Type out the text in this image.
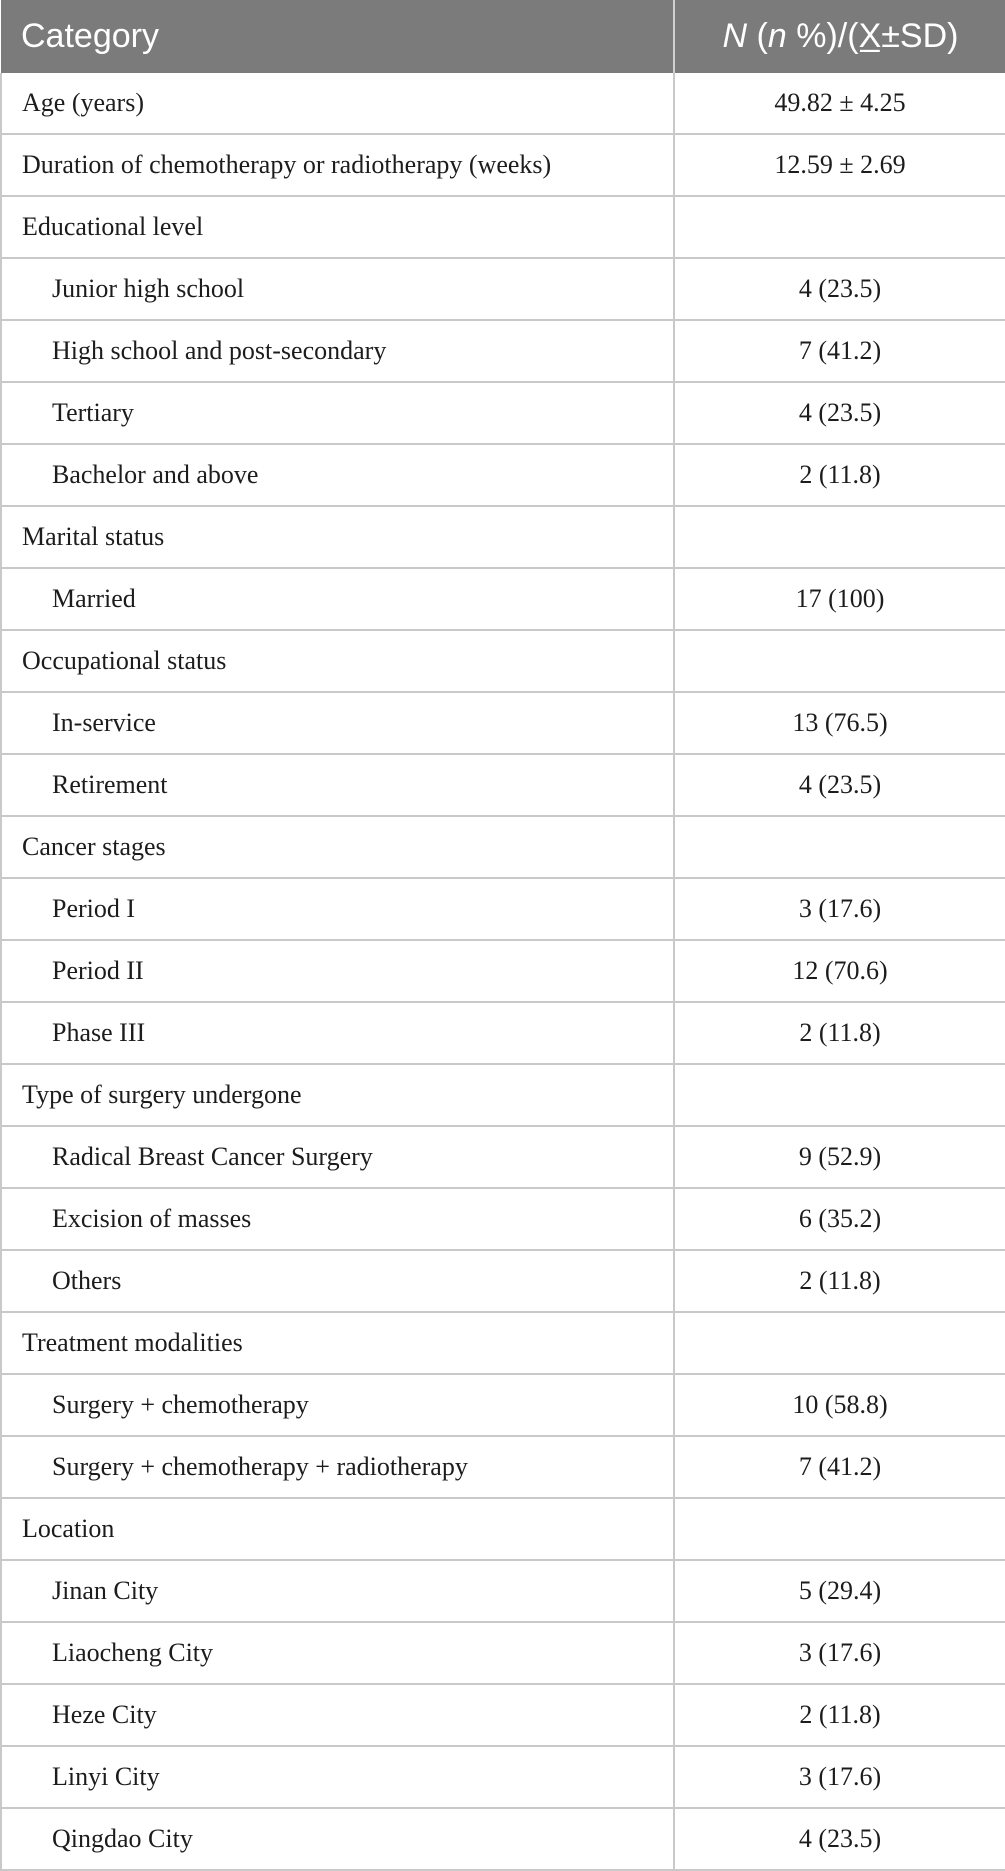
Category	N (n %)/(X̲±SD)
Age (years)	49.82 ± 4.25
Duration of chemotherapy or radiotherapy (weeks)	12.59 ± 2.69
Educational level	
Junior high school	4 (23.5)
High school and post-secondary	7 (41.2)
Tertiary	4 (23.5)
Bachelor and above	2 (11.8)
Marital status	
Married	17 (100)
Occupational status	
In-service	13 (76.5)
Retirement	4 (23.5)
Cancer stages	
Period I	3 (17.6)
Period II	12 (70.6)
Phase III	2 (11.8)
Type of surgery undergone	
Radical Breast Cancer Surgery	9 (52.9)
Excision of masses	6 (35.2)
Others	2 (11.8)
Treatment modalities	
Surgery + chemotherapy	10 (58.8)
Surgery + chemotherapy + radiotherapy	7 (41.2)
Location	
Jinan City	5 (29.4)
Liaocheng City	3 (17.6)
Heze City	2 (11.8)
Linyi City	3 (17.6)
Qingdao City	4 (23.5)
